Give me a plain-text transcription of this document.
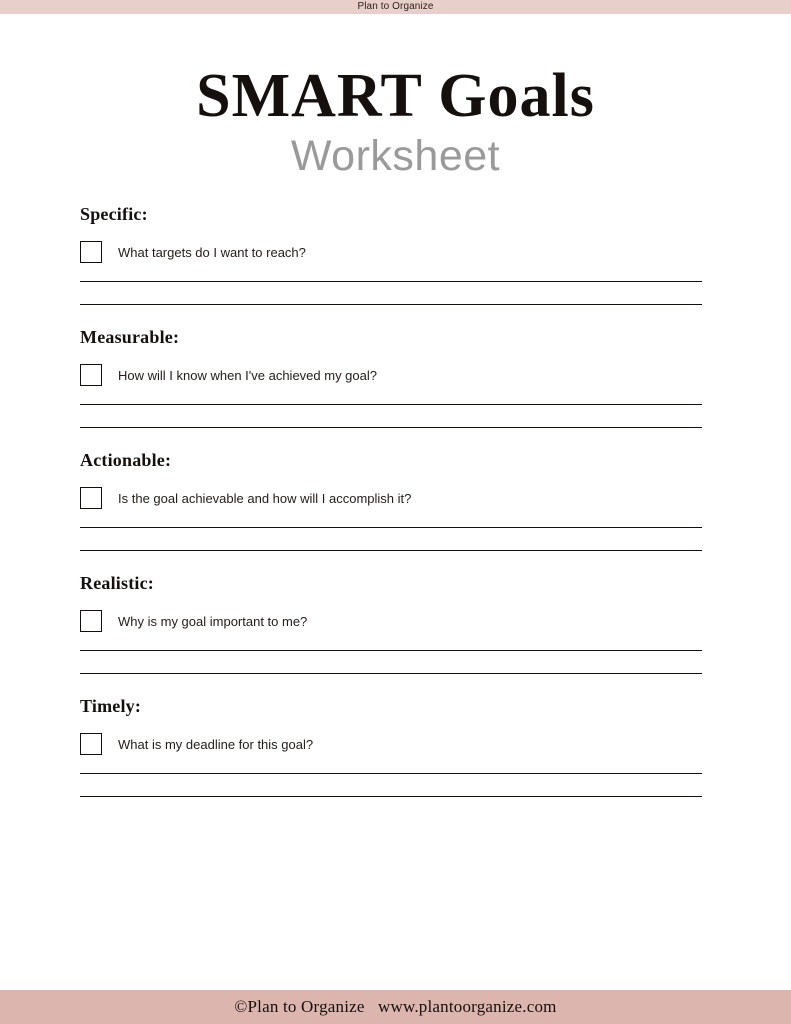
Plan to Organize
SMART Goals
Worksheet
Specific:
What targets do I want to reach?
Measurable:
How will I know when I've achieved my goal?
Actionable:
Is the goal achievable and how will I accomplish it?
Realistic:
Why is my goal important to me?
Timely:
What is my deadline for this goal?
©Plan to Organize
www.plantoorganize.com
